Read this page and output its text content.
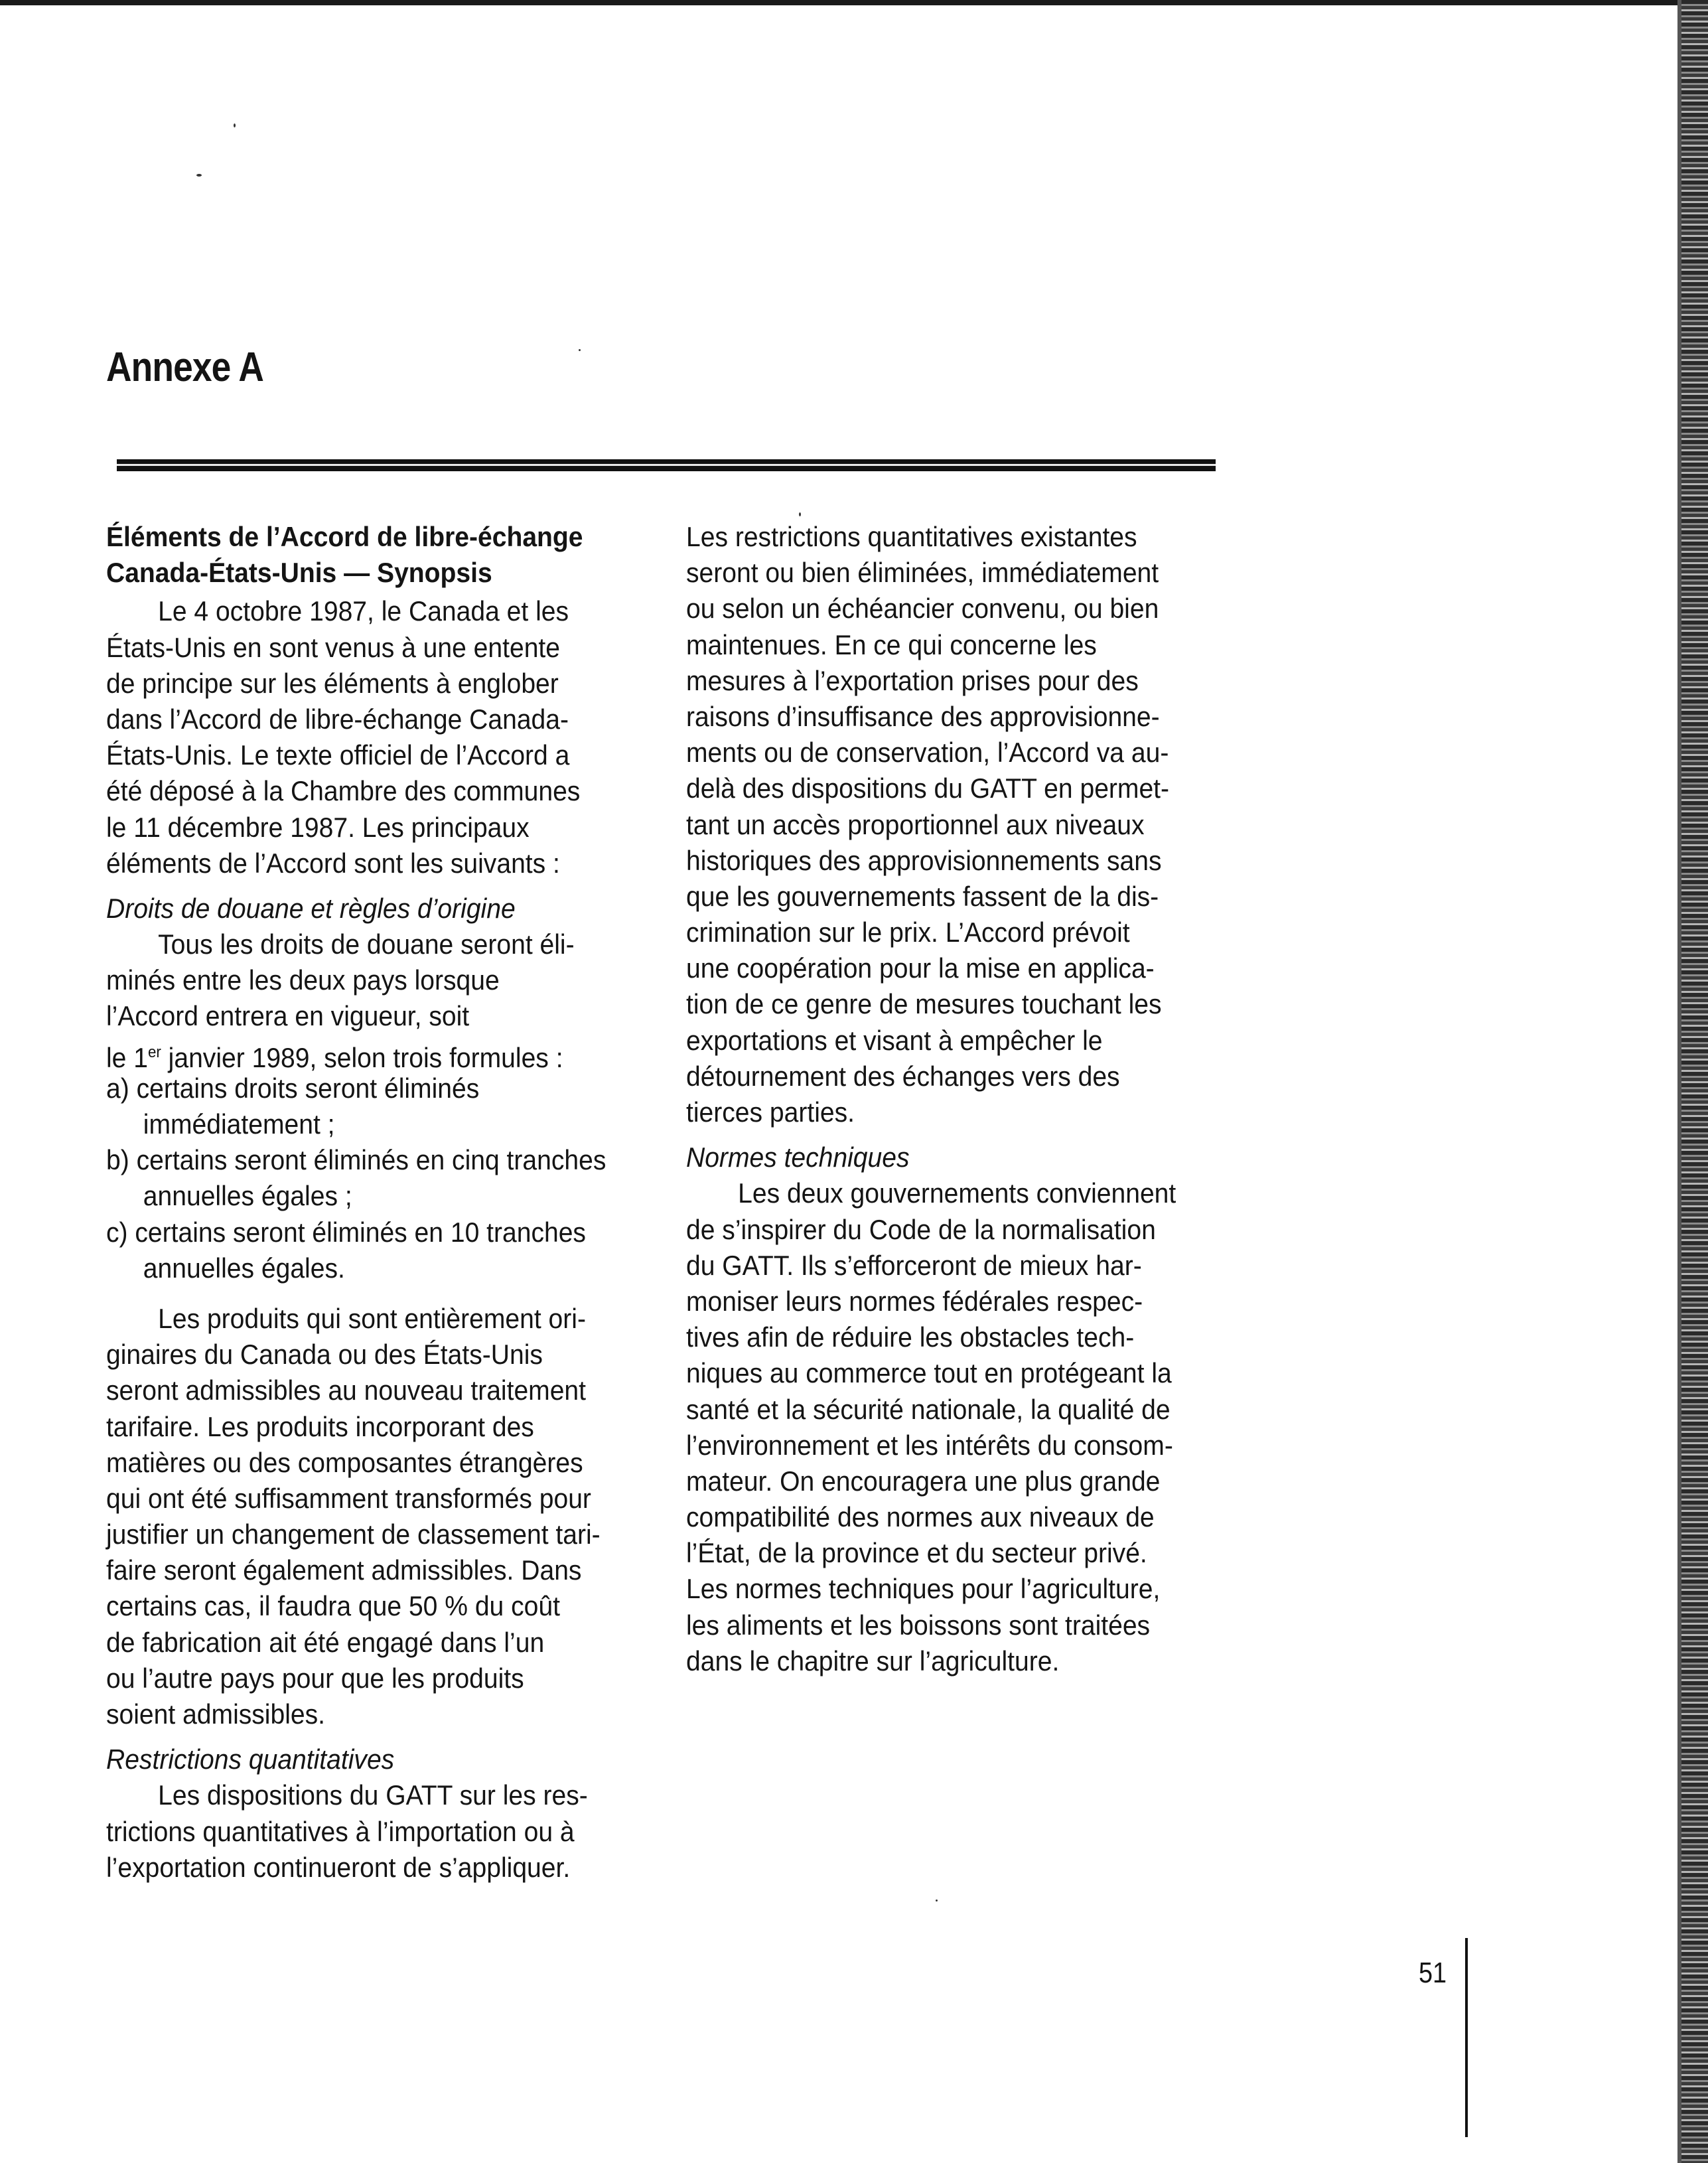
Annexe A
Éléments de l’Accord de libre-échange
Canada-États-Unis — Synopsis
Le 4 octobre 1987, le Canada et les
États-Unis en sont venus à une entente
de principe sur les éléments à englober
dans l’Accord de libre-échange Canada-
États-Unis. Le texte officiel de l’Accord a
été déposé à la Chambre des communes
le 11 décembre 1987. Les principaux
éléments de l’Accord sont les suivants :
Droits de douane et règles d’origine
Tous les droits de douane seront éli-
minés entre les deux pays lorsque
l’Accord entrera en vigueur, soit
le 1er janvier 1989, selon trois formules :
a) certains droits seront éliminés
immédiatement ;
b) certains seront éliminés en cinq tranches
annuelles égales ;
c) certains seront éliminés en 10 tranches
annuelles égales.
Les produits qui sont entièrement ori-
ginaires du Canada ou des États-Unis
seront admissibles au nouveau traitement
tarifaire. Les produits incorporant des
matières ou des composantes étrangères
qui ont été suffisamment transformés pour
justifier un changement de classement tari-
faire seront également admissibles. Dans
certains cas, il faudra que 50 % du coût
de fabrication ait été engagé dans l’un
ou l’autre pays pour que les produits
soient admissibles.
Restrictions quantitatives
Les dispositions du GATT sur les res-
trictions quantitatives à l’importation ou à
l’exportation continueront de s’appliquer.
Les restrictions quantitatives existantes
seront ou bien éliminées, immédiatement
ou selon un échéancier convenu, ou bien
maintenues. En ce qui concerne les
mesures à l’exportation prises pour des
raisons d’insuffisance des approvisionne-
ments ou de conservation, l’Accord va au-
delà des dispositions du GATT en permet-
tant un accès proportionnel aux niveaux
historiques des approvisionnements sans
que les gouvernements fassent de la dis-
crimination sur le prix. L’Accord prévoit
une coopération pour la mise en applica-
tion de ce genre de mesures touchant les
exportations et visant à empêcher le
détournement des échanges vers des
tierces parties.
Normes techniques
Les deux gouvernements conviennent
de s’inspirer du Code de la normalisation
du GATT. Ils s’efforceront de mieux har-
moniser leurs normes fédérales respec-
tives afin de réduire les obstacles tech-
niques au commerce tout en protégeant la
santé et la sécurité nationale, la qualité de
l’environnement et les intérêts du consom-
mateur. On encouragera une plus grande
compatibilité des normes aux niveaux de
l’État, de la province et du secteur privé.
Les normes techniques pour l’agriculture,
les aliments et les boissons sont traitées
dans le chapitre sur l’agriculture.
51
